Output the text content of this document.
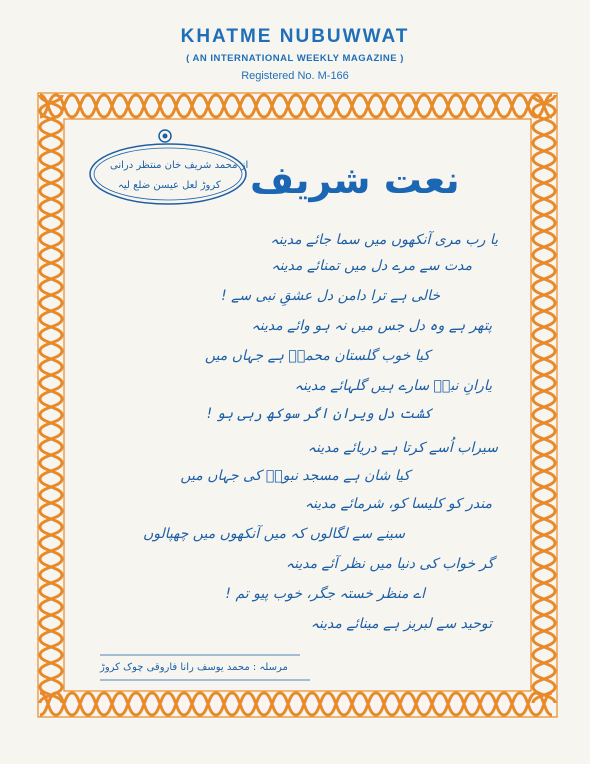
KHATME NUBUWWAT
( AN INTERNATIONAL WEEKLY MAGAZINE )
Registered No. M-166
نعت شریف
از محمد شریف خان منتظر درانی
کروڑ لعل عیسن ضلع لیہ
یا رب مری آنکھوں میں سما جائے مدینہ
مدت سے مرے دل میں تمنائے مدینہ
خالی ہے ترا دامن دل عشقِ نبی سے !
پتھر ہے وہ دل جس میں نہ ہو وائے مدینہ
کیا خوب گلستان محمدؐ ہے جہاں میں
یارانِ نبیؐ سارے ہیں گلہائے مدینہ
کشت دل ویران اگر سوکھ رہی ہو !
سیراب اُسے کرتا ہے دریائے مدینہ
کیا شان ہے مسجد نبویؐ کی جہاں میں
مندر کو کلیسا کو، شرمائے مدینہ
سینے سے لگالوں کہ میں آنکھوں میں چھپالوں
گر خواب کی دنیا میں نظر آئے مدینہ
اے منظر خستہ جگر، خوب پیو تم !
توحید سے لبریز ہے مینائے مدینہ
مرسلہ : محمد یوسف رانا فاروقی چوک کروڑ
